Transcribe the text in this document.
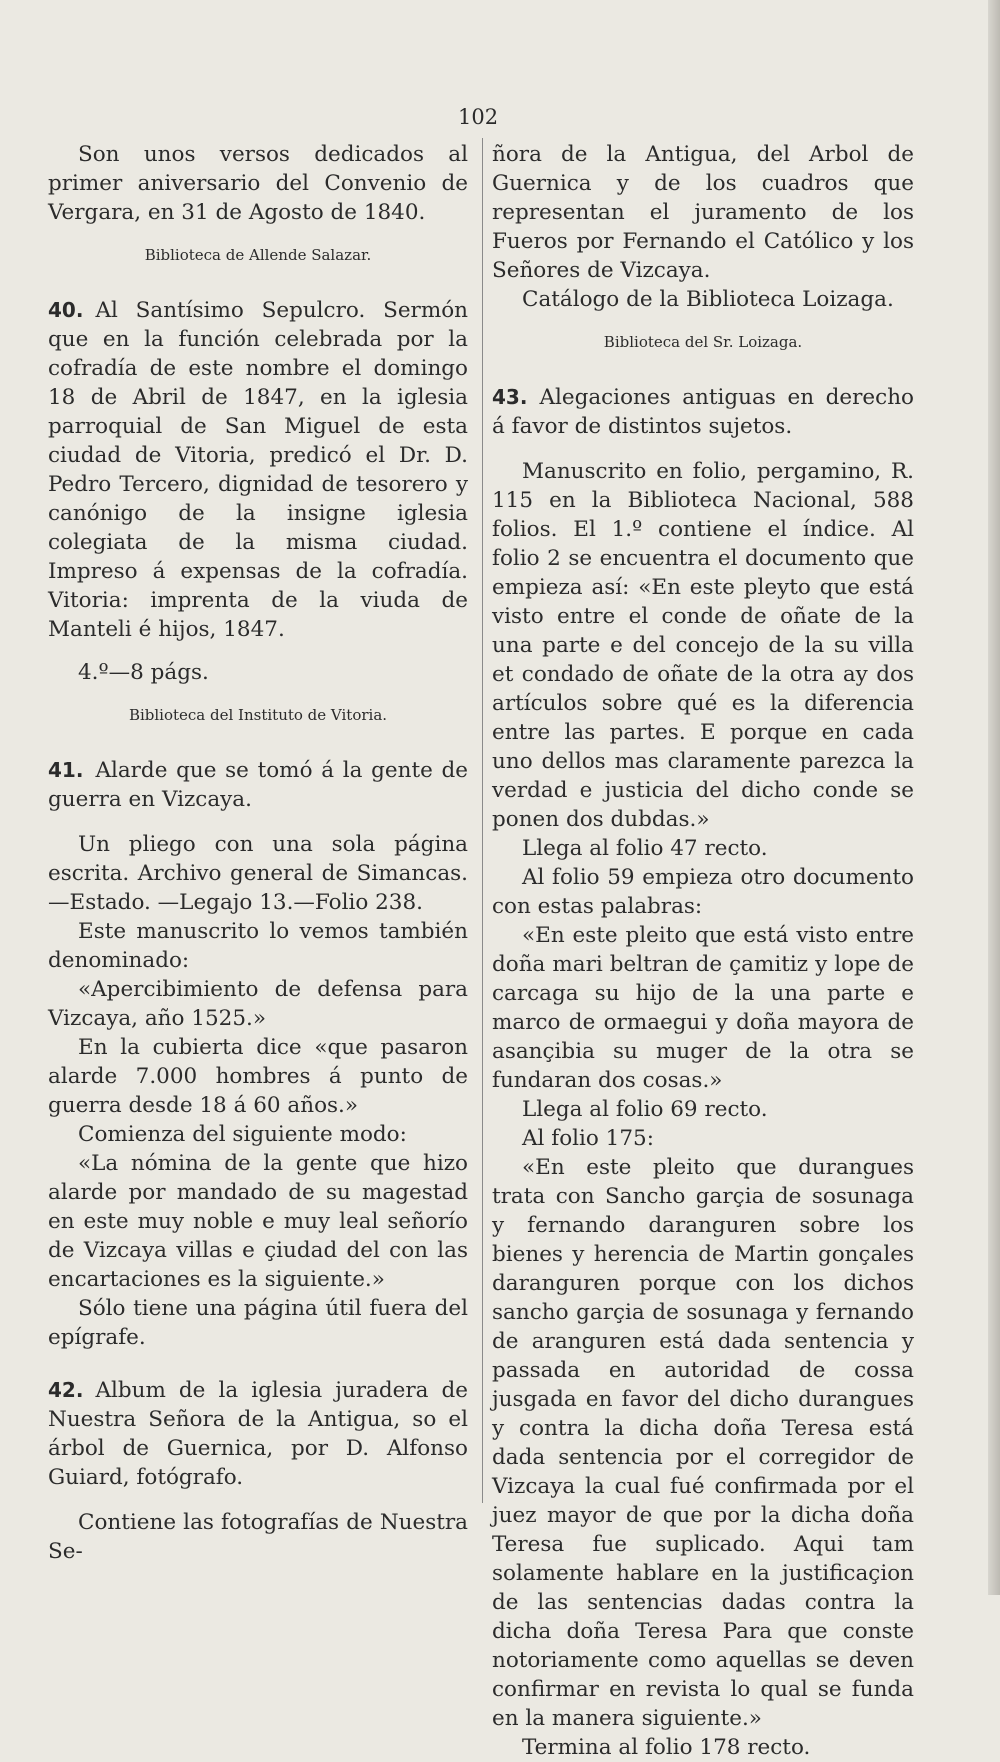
102

Son unos versos dedicados al primer aniversario del Convenio de Vergara, en 31 de Agosto de 1840.

Biblioteca de Allende Salazar.

40. Al Santísimo Sepulcro. Sermón que en la función celebrada por la cofradía de este nombre el domingo 18 de Abril de 1847, en la iglesia parroquial de San Miguel de esta ciudad de Vitoria, predicó el Dr. D. Pedro Tercero, dignidad de tesorero y canónigo de la insigne iglesia colegiata de la misma ciudad. Impreso á expensas de la cofradía. Vitoria: imprenta de la viuda de Manteli é hijos, 1847.

4.º—8 págs.

Biblioteca del Instituto de Vitoria.

41. Alarde que se tomó á la gente de guerra en Vizcaya.

Un pliego con una sola página escrita. Archivo general de Simancas.—Estado. —Legajo 13.—Folio 238.

Este manuscrito lo vemos también denominado:

«Apercibimiento de defensa para Vizcaya, año 1525.»

En la cubierta dice «que pasaron alarde 7.000 hombres á punto de guerra desde 18 á 60 años.»

Comienza del siguiente modo:

«La nómina de la gente que hizo alarde por mandado de su magestad en este muy noble e muy leal señorío de Vizcaya villas e çiudad del con las encartaciones es la siguiente.»

Sólo tiene una página útil fuera del epígrafe.

42. Album de la iglesia juradera de Nuestra Señora de la Antigua, so el árbol de Guernica, por D. Alfonso Guiard, fotógrafo.

Contiene las fotografías de Nuestra Se-

ñora de la Antigua, del Arbol de Guernica y de los cuadros que representan el juramento de los Fueros por Fernando el Católico y los Señores de Vizcaya.

Catálogo de la Biblioteca Loizaga.

Biblioteca del Sr. Loizaga.

43. Alegaciones antiguas en derecho á favor de distintos sujetos.

Manuscrito en folio, pergamino, R. 115 en la Biblioteca Nacional, 588 folios. El 1.º contiene el índice. Al folio 2 se encuentra el documento que empieza así: «En este pleyto que está visto entre el conde de oñate de la una parte e del concejo de la su villa et condado de oñate de la otra ay dos artículos sobre qué es la diferencia entre las partes. E porque en cada uno dellos mas claramente parezca la verdad e justicia del dicho conde se ponen dos dubdas.»

Llega al folio 47 recto.

Al folio 59 empieza otro documento con estas palabras:

«En este pleito que está visto entre doña mari beltran de çamitiz y lope de carcaga su hijo de la una parte e marco de ormaegui y doña mayora de asançibia su muger de la otra se fundaran dos cosas.»

Llega al folio 69 recto.

Al folio 175:

«En este pleito que durangues trata con Sancho garçia de sosunaga y fernando daranguren sobre los bienes y herencia de Martin gonçales daranguren porque con los dichos sancho garçia de sosunaga y fernando de aranguren está dada sentencia y passada en autoridad de cossa jusgada en favor del dicho durangues y contra la dicha doña Teresa está dada sentencia por el corregidor de Vizcaya la cual fué confirmada por el juez mayor de que por la dicha doña Teresa fue suplicado. Aqui tam solamente hablare en la justificaçion de las sentencias dadas contra la dicha doña Teresa Para que conste notoriamente como aquellas se deven confirmar en revista lo qual se funda en la manera siguiente.»

Termina al folio 178 recto.
